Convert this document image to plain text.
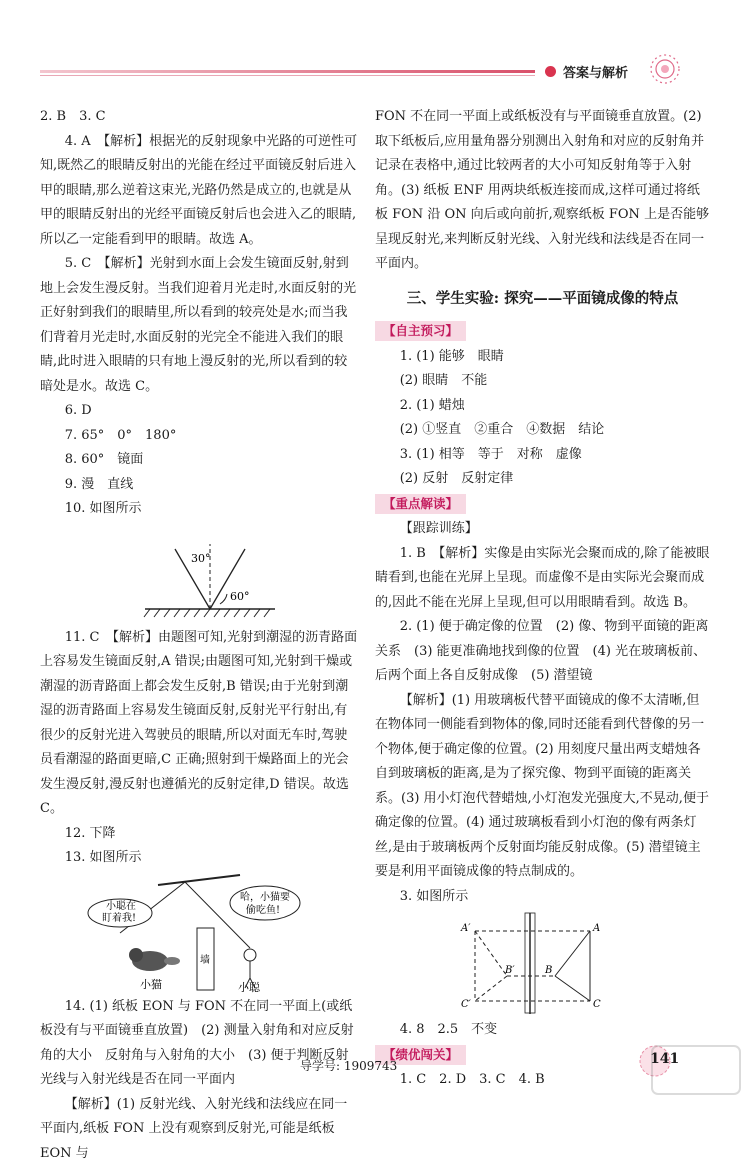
答案与解析

2. B　3. C

4. A　【解析】根据光的反射现象中光路的可逆性可知,既然乙的眼睛反射出的光能在经过平面镜反射后进入甲的眼睛,那么逆着这束光,光路仍然是成立的,也就是从甲的眼睛反射出的光经平面镜反射后也会进入乙的眼睛,所以乙一定能看到甲的眼睛。故选 A。

5. C　【解析】光射到水面上会发生镜面反射,射到地上会发生漫反射。当我们迎着月光走时,水面反射的光正好射到我们的眼睛里,所以看到的较亮处是水;而当我们背着月光走时,水面反射的光完全不能进入我们的眼睛,此时进入眼睛的只有地上漫反射的光,所以看到的较暗处是水。故选 C。

6. D

7. 65°　0°　180°

8. 60°　镜面

9. 漫　直线

10. 如图所示

30°
60°

11. C　【解析】由题图可知,光射到潮湿的沥青路面上容易发生镜面反射,A 错误;由题图可知,光射到干燥或潮湿的沥青路面上都会发生反射,B 错误;由于光射到潮湿的沥青路面上容易发生镜面反射,反射光平行射出,有很少的反射光进入驾驶员的眼睛,所以对面无车时,驾驶员看潮湿的路面更暗,C 正确;照射到干燥路面上的光会发生漫反射,漫反射也遵循光的反射定律,D 错误。故选 C。

12. 下降

13. 如图所示

小聪在
盯着我!
哈，小猫要
偷吃鱼!
墙
小猫	小聪

14. (1) 纸板 EON 与 FON 不在同一平面上(或纸板没有与平面镜垂直放置)　(2) 测量入射角和对应反射角的大小　反射角与入射角的大小　(3) 便于判断反射光线与入射光线是否在同一平面内

【解析】(1) 反射光线、入射光线和法线应在同一平面内,纸板 FON 上没有观察到反射光,可能是纸板 EON 与

FON 不在同一平面上或纸板没有与平面镜垂直放置。(2) 取下纸板后,应用量角器分别测出入射角和对应的反射角并记录在表格中,通过比较两者的大小可知反射角等于入射角。(3) 纸板 ENF 用两块纸板连接而成,这样可通过将纸板 FON 沿 ON 向后或向前折,观察纸板 FON 上是否能够呈现反射光,来判断反射光线、入射光线和法线是否在同一平面内。

三、学生实验: 探究——平面镜成像的特点

【自主预习】

1. (1) 能够　眼睛

(2) 眼睛　不能

2. (1) 蜡烛

(2) ①竖直　②重合　④数据　结论

3. (1) 相等　等于　对称　虚像

(2) 反射　反射定律

【重点解读】

【跟踪训练】

1. B　【解析】实像是由实际光会聚而成的,除了能被眼睛看到,也能在光屏上呈现。而虚像不是由实际光会聚而成的,因此不能在光屏上呈现,但可以用眼睛看到。故选 B。

2. (1) 便于确定像的位置　(2) 像、物到平面镜的距离关系　(3) 能更准确地找到像的位置　(4) 光在玻璃板前、后两个面上各自反射成像　(5) 潜望镜

【解析】(1) 用玻璃板代替平面镜成的像不太清晰,但在物体同一侧能看到物体的像,同时还能看到代替像的另一个物体,便于确定像的位置。(2) 用刻度尺量出两支蜡烛各自到玻璃板的距离,是为了探究像、物到平面镜的距离关系。(3) 用小灯泡代替蜡烛,小灯泡发光强度大,不晃动,便于确定像的位置。(4) 通过玻璃板看到小灯泡的像有两条灯丝,是由于玻璃板两个反射面均能反射成像。(5) 潜望镜主要是利用平面镜成像的特点制成的。

3. 如图所示

A′	A
B′	B
C′	C

4. 8　2.5　不变

【绩优闯关】

1. C　2. D　3. C　4. B

导学号: 1909743	141
